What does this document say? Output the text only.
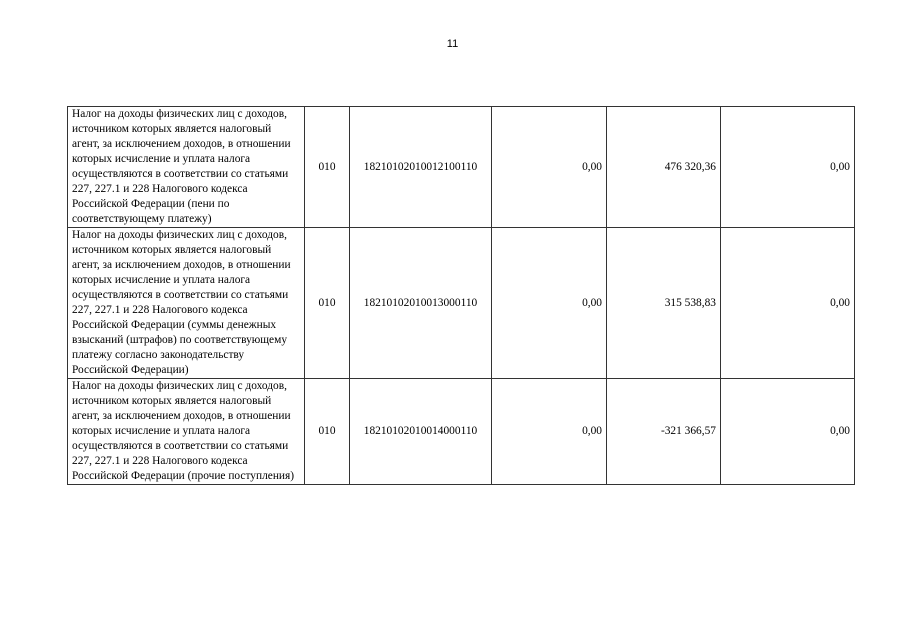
11
Налог на доходы физических лиц с доходов, источником которых является налоговый агент, за исключением доходов, в отношении которых исчисление и уплата налога осуществляются в соответствии со статьями 227, 227.1 и 228 Налогового кодекса Российской Федерации (пени по соответствующему платежу)	010	18210102010012100110	0,00	476 320,36	0,00
Налог на доходы физических лиц с доходов, источником которых является налоговый агент, за исключением доходов, в отношении которых исчисление и уплата налога осуществляются в соответствии со статьями 227, 227.1 и 228 Налогового кодекса Российской Федерации (суммы денежных взысканий (штрафов) по соответствующему платежу согласно законодательству Российской Федерации)	010	18210102010013000110	0,00	315 538,83	0,00
Налог на доходы физических лиц с доходов, источником которых является налоговый агент, за исключением доходов, в отношении которых исчисление и уплата налога осуществляются в соответствии со статьями 227, 227.1 и 228 Налогового кодекса Российской Федерации (прочие поступления)	010	18210102010014000110	0,00	-321 366,57	0,00
